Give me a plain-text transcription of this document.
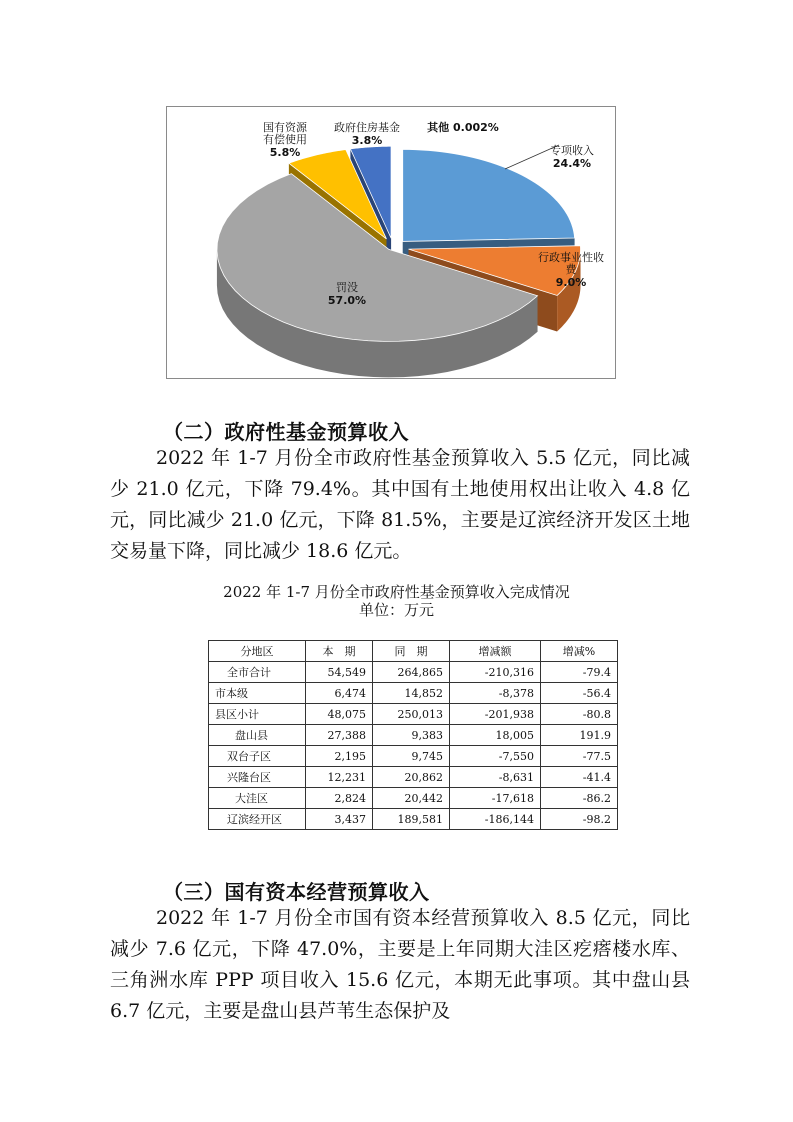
专项收入
24.4%
行政事业性收
费
9.0%
罚没
57.0%
国有资源
有偿使用
5.8%
政府住房基金
3.8%
其他 0.002%
（二）政府性基金预算收入

2022 年 1-7 月份全市政府性基金预算收入 5.5 亿元，同比减少 21.0 亿元，下降 79.4%。其中国有土地使用权出让收入 4.8 亿元，同比减少 21.0 亿元，下降 81.5%，主要是辽滨经济开发区土地交易量下降，同比减少 18.6 亿元。

2022 年 1-7 月份全市政府性基金预算收入完成情况
单位：万元
分地区	本　期	同　期	增减额	增减%
全市合计	54,549	264,865	-210,316	-79.4
市本级	6,474	14,852	-8,378	-56.4
县区小计	48,075	250,013	-201,938	-80.8
盘山县	27,388	9,383	18,005	191.9
双台子区	2,195	9,745	-7,550	-77.5
兴隆台区	12,231	20,862	-8,631	-41.4
大洼区	2,824	20,442	-17,618	-86.2
辽滨经开区	3,437	189,581	-186,144	-98.2
（三）国有资本经营预算收入

2022 年 1-7 月份全市国有资本经营预算收入 8.5 亿元，同比减少 7.6 亿元，下降 47.0%，主要是上年同期大洼区疙瘩楼水库、三角洲水库 PPP 项目收入 15.6 亿元，本期无此事项。其中盘山县 6.7 亿元，主要是盘山县芦苇生态保护及
